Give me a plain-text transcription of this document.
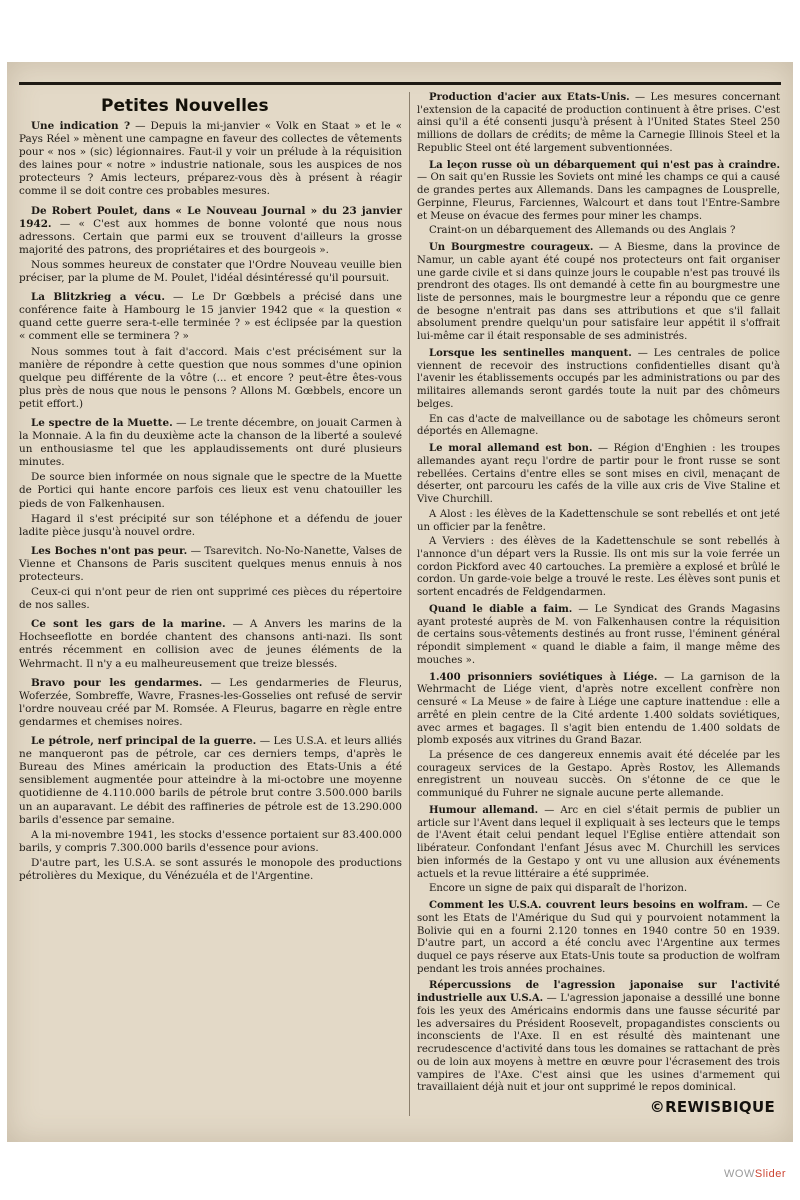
Petites Nouvelles

Une indication ? — Depuis la mi-janvier « Volk en Staat » et le « Pays Réel » mènent une campagne en faveur des collectes de vêtements pour « nos » (sic) légionnaires. Faut-il y voir un prélude à la réquisition des laines pour « notre » industrie nationale, sous les auspices de nos protecteurs ? Amis lecteurs, préparez-vous dès à présent à réagir comme il se doit contre ces probables mesures.

De Robert Poulet, dans « Le Nouveau Journal » du 23 janvier 1942. — « C'est aux hommes de bonne volonté que nous nous adressons. Certain que parmi eux se trouvent d'ailleurs la grosse majorité des patrons, des propriétaires et des bourgeois ».

Nous sommes heureux de constater que l'Ordre Nouveau veuille bien préciser, par la plume de M. Poulet, l'idéal désintéressé qu'il poursuit.

La Blitzkrieg a vécu. — Le Dr Gœbbels a précisé dans une conférence faite à Hambourg le 15 janvier 1942 que « la question « quand cette guerre sera-t-elle terminée ? » est éclipsée par la question « comment elle se terminera ? »

Nous sommes tout à fait d'accord. Mais c'est précisément sur la manière de répondre à cette question que nous sommes d'une opinion quelque peu différente de la vôtre (... et encore ? peut-être êtes-vous plus près de nous que nous le pensons ? Allons M. Gœbbels, encore un petit effort.)

Le spectre de la Muette. — Le trente décembre, on jouait Carmen à la Monnaie. A la fin du deuxième acte la chanson de la liberté a soulevé un enthousiasme tel que les applaudissements ont duré plusieurs minutes.

De source bien informée on nous signale que le spectre de la Muette de Portici qui hante encore parfois ces lieux est venu chatouiller les pieds de von Falkenhausen.

Hagard il s'est précipité sur son téléphone et a défendu de jouer ladite pièce jusqu'à nouvel ordre.

Les Boches n'ont pas peur. — Tsarevitch. No-No-Nanette, Valses de Vienne et Chansons de Paris suscitent quelques menus ennuis à nos protecteurs.

Ceux-ci qui n'ont peur de rien ont supprimé ces pièces du répertoire de nos salles.

Ce sont les gars de la marine. — A Anvers les marins de la Hochseeflotte en bordée chantent des chansons anti-nazi. Ils sont entrés récemment en collision avec de jeunes éléments de la Wehrmacht. Il n'y a eu malheureusement que treize blessés.

Bravo pour les gendarmes. — Les gendarmeries de Fleurus, Woferzée, Sombreffe, Wavre, Frasnes-les-Gosselies ont refusé de servir l'ordre nouveau créé par M. Romsée. A Fleurus, bagarre en règle entre gendarmes et chemises noires.

Le pétrole, nerf principal de la guerre. — Les U.S.A. et leurs alliés ne manqueront pas de pétrole, car ces derniers temps, d'après le Bureau des Mines américain la production des Etats-Unis a été sensiblement augmentée pour atteindre à la mi-octobre une moyenne quotidienne de 4.110.000 barils de pétrole brut contre 3.500.000 barils un an auparavant. Le débit des raffineries de pétrole est de 13.290.000 barils d'essence par semaine.

A la mi-novembre 1941, les stocks d'essence portaient sur 83.400.000 barils, y compris 7.300.000 barils d'essence pour avions.

D'autre part, les U.S.A. se sont assurés le monopole des productions pétrolières du Mexique, du Vénézuéla et de l'Argentine.

Production d'acier aux Etats-Unis. — Les mesures concernant l'extension de la capacité de production continuent à être prises. C'est ainsi qu'il a été consenti jusqu'à présent à l'United States Steel 250 millions de dollars de crédits; de même la Carnegie Illinois Steel et la Republic Steel ont été largement subventionnées.

La leçon russe où un débarquement qui n'est pas à craindre. — On sait qu'en Russie les Soviets ont miné les champs ce qui a causé de grandes pertes aux Allemands. Dans les campagnes de Lousprelle, Gerpinne, Fleurus, Farciennes, Walcourt et dans tout l'Entre-Sambre et Meuse on évacue des fermes pour miner les champs.

Craint-on un débarquement des Allemands ou des Anglais ?

Un Bourgmestre courageux. — A Biesme, dans la province de Namur, un cable ayant été coupé nos protecteurs ont fait organiser une garde civile et si dans quinze jours le coupable n'est pas trouvé ils prendront des otages. Ils ont demandé à cette fin au bourgmestre une liste de personnes, mais le bourgmestre leur a répondu que ce genre de besogne n'entrait pas dans ses attributions et que s'il fallait absolument prendre quelqu'un pour satisfaire leur appétit il s'offrait lui-même car il était responsable de ses administrés.

Lorsque les sentinelles manquent. — Les centrales de police viennent de recevoir des instructions confidentielles disant qu'à l'avenir les établissements occupés par les administrations ou par des militaires allemands seront gardés toute la nuit par des chômeurs belges.

En cas d'acte de malveillance ou de sabotage les chômeurs seront déportés en Allemagne.

Le moral allemand est bon. — Région d'Enghien : les troupes allemandes ayant reçu l'ordre de partir pour le front russe se sont rebellées. Certains d'entre elles se sont mises en civil, menaçant de déserter, ont parcouru les cafés de la ville aux cris de Vive Staline et Vive Churchill.

A Alost : les élèves de la Kadettenschule se sont rebellés et ont jeté un officier par la fenêtre.

A Verviers : des élèves de la Kadettenschule se sont rebellés à l'annonce d'un départ vers la Russie. Ils ont mis sur la voie ferrée un cordon Pickford avec 40 cartouches. La première a explosé et brûlé le cordon. Un garde-voie belge a trouvé le reste. Les élèves sont punis et sortent encadrés de Feldgendarmen.

Quand le diable a faim. — Le Syndicat des Grands Magasins ayant protesté auprès de M. von Falkenhausen contre la réquisition de certains sous-vêtements destinés au front russe, l'éminent général répondit simplement « quand le diable a faim, il mange même des mouches ».

1.400 prisonniers soviétiques à Liége. — La garnison de la Wehrmacht de Liége vient, d'après notre excellent confrère non censuré « La Meuse » de faire à Liége une capture inattendue : elle a arrêté en plein centre de la Cité ardente 1.400 soldats soviétiques, avec armes et bagages. Il s'agit bien entendu de 1.400 soldats de plomb exposés aux vitrines du Grand Bazar.

La présence de ces dangereux ennemis avait été décelée par les courageux services de la Gestapo. Après Rostov, les Allemands enregistrent un nouveau succès. On s'étonne de ce que le communiqué du Fuhrer ne signale aucune perte allemande.

Humour allemand. — Arc en ciel s'était permis de publier un article sur l'Avent dans lequel il expliquait à ses lecteurs que le temps de l'Avent était celui pendant lequel l'Eglise entière attendait son libérateur. Confondant l'enfant Jésus avec M. Churchill les services bien informés de la Gestapo y ont vu une allusion aux événements actuels et la revue littéraire a été supprimée.

Encore un signe de paix qui disparaît de l'horizon.

Comment les U.S.A. couvrent leurs besoins en wolfram. — Ce sont les Etats de l'Amérique du Sud qui y pourvoient notamment la Bolivie qui en a fourni 2.120 tonnes en 1940 contre 50 en 1939. D'autre part, un accord a été conclu avec l'Argentine aux termes duquel ce pays réserve aux Etats-Unis toute sa production de wolfram pendant les trois années prochaines.

Répercussions de l'agression japonaise sur l'activité industrielle aux U.S.A. — L'agression japonaise a dessillé une bonne fois les yeux des Américains endormis dans une fausse sécurité par les adversaires du Président Roosevelt, propagandistes conscients ou inconscients de l'Axe. Il en est résulté dès maintenant une recrudescence d'activité dans tous les domaines se rattachant de près ou de loin aux moyens à mettre en œuvre pour l'écrasement des trois vampires de l'Axe. C'est ainsi que les usines d'armement qui travaillaient déjà nuit et jour ont supprimé le repos dominical.

©REWISBIQUE
WOWSlider
